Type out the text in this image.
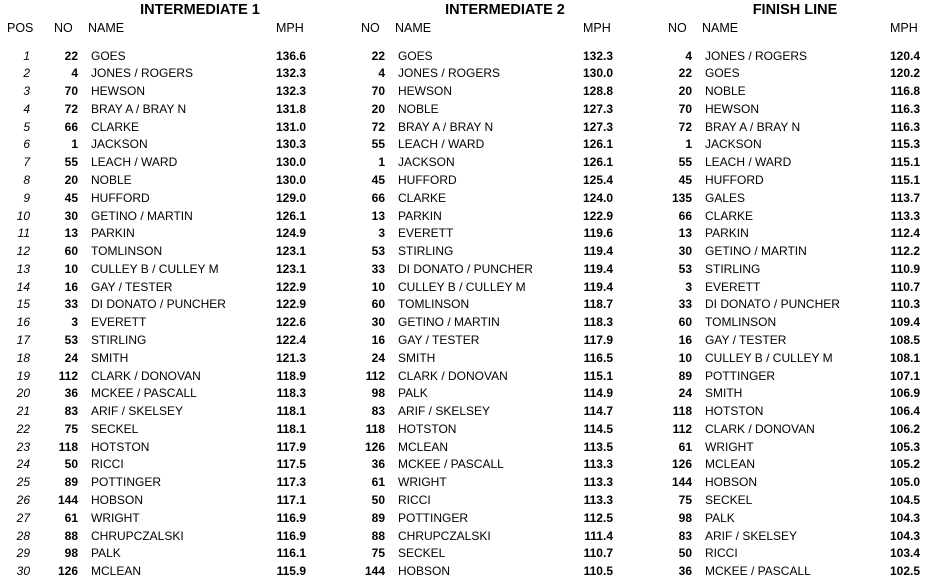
INTERMEDIATE 1	INTERMEDIATE 2	FINISH LINE
POS NO NAME	MPH	NO NAME	MPH	NO NAME	MPH
1	22 GOES	136.6	22 GOES	132.3	4 JONES / ROGERS	120.4
2	4 JONES / ROGERS	132.3	4 JONES / ROGERS	130.0	22 GOES	120.2
3	70 HEWSON	132.3	70 HEWSON	128.8	20 NOBLE	116.8
4	72 BRAY A / BRAY N	131.8	20 NOBLE	127.3	70 HEWSON	116.3
5	66 CLARKE	131.0	72 BRAY A / BRAY N	127.3	72 BRAY A / BRAY N	116.3
6	1 JACKSON	130.3	55 LEACH / WARD	126.1	1 JACKSON	115.3
7	55 LEACH / WARD	130.0	1 JACKSON	126.1	55 LEACH / WARD	115.1
8	20 NOBLE	130.0	45 HUFFORD	125.4	45 HUFFORD	115.1
9	45 HUFFORD	129.0	66 CLARKE	124.0	135 GALES	113.7
10	30 GETINO / MARTIN	126.1	13 PARKIN	122.9	66 CLARKE	113.3
11	13 PARKIN	124.9	3 EVERETT	119.6	13 PARKIN	112.4
12	60 TOMLINSON	123.1	53 STIRLING	119.4	30 GETINO / MARTIN	112.2
13	10 CULLEY B / CULLEY M	123.1	33 DI DONATO / PUNCHER	119.4	53 STIRLING	110.9
14	16 GAY / TESTER	122.9	10 CULLEY B / CULLEY M	119.4	3 EVERETT	110.7
15	33 DI DONATO / PUNCHER	122.9	60 TOMLINSON	118.7	33 DI DONATO / PUNCHER	110.3
16	3 EVERETT	122.6	30 GETINO / MARTIN	118.3	60 TOMLINSON	109.4
17	53 STIRLING	122.4	16 GAY / TESTER	117.9	16 GAY / TESTER	108.5
18	24 SMITH	121.3	24 SMITH	116.5	10 CULLEY B / CULLEY M	108.1
19	112 CLARK / DONOVAN	118.9	112 CLARK / DONOVAN	115.1	89 POTTINGER	107.1
20	36 MCKEE / PASCALL	118.3	98 PALK	114.9	24 SMITH	106.9
21	83 ARIF / SKELSEY	118.1	83 ARIF / SKELSEY	114.7	118 HOTSTON	106.4
22	75 SECKEL	118.1	118 HOTSTON	114.5	112 CLARK / DONOVAN	106.2
23	118 HOTSTON	117.9	126 MCLEAN	113.5	61 WRIGHT	105.3
24	50 RICCI	117.5	36 MCKEE / PASCALL	113.3	126 MCLEAN	105.2
25	89 POTTINGER	117.3	61 WRIGHT	113.3	144 HOBSON	105.0
26	144 HOBSON	117.1	50 RICCI	113.3	75 SECKEL	104.5
27	61 WRIGHT	116.9	89 POTTINGER	112.5	98 PALK	104.3
28	88 CHRUPCZALSKI	116.9	88 CHRUPCZALSKI	111.4	83 ARIF / SKELSEY	104.3
29	98 PALK	116.1	75 SECKEL	110.7	50 RICCI	103.4
30	126 MCLEAN	115.9	144 HOBSON	110.5	36 MCKEE / PASCALL	102.5
